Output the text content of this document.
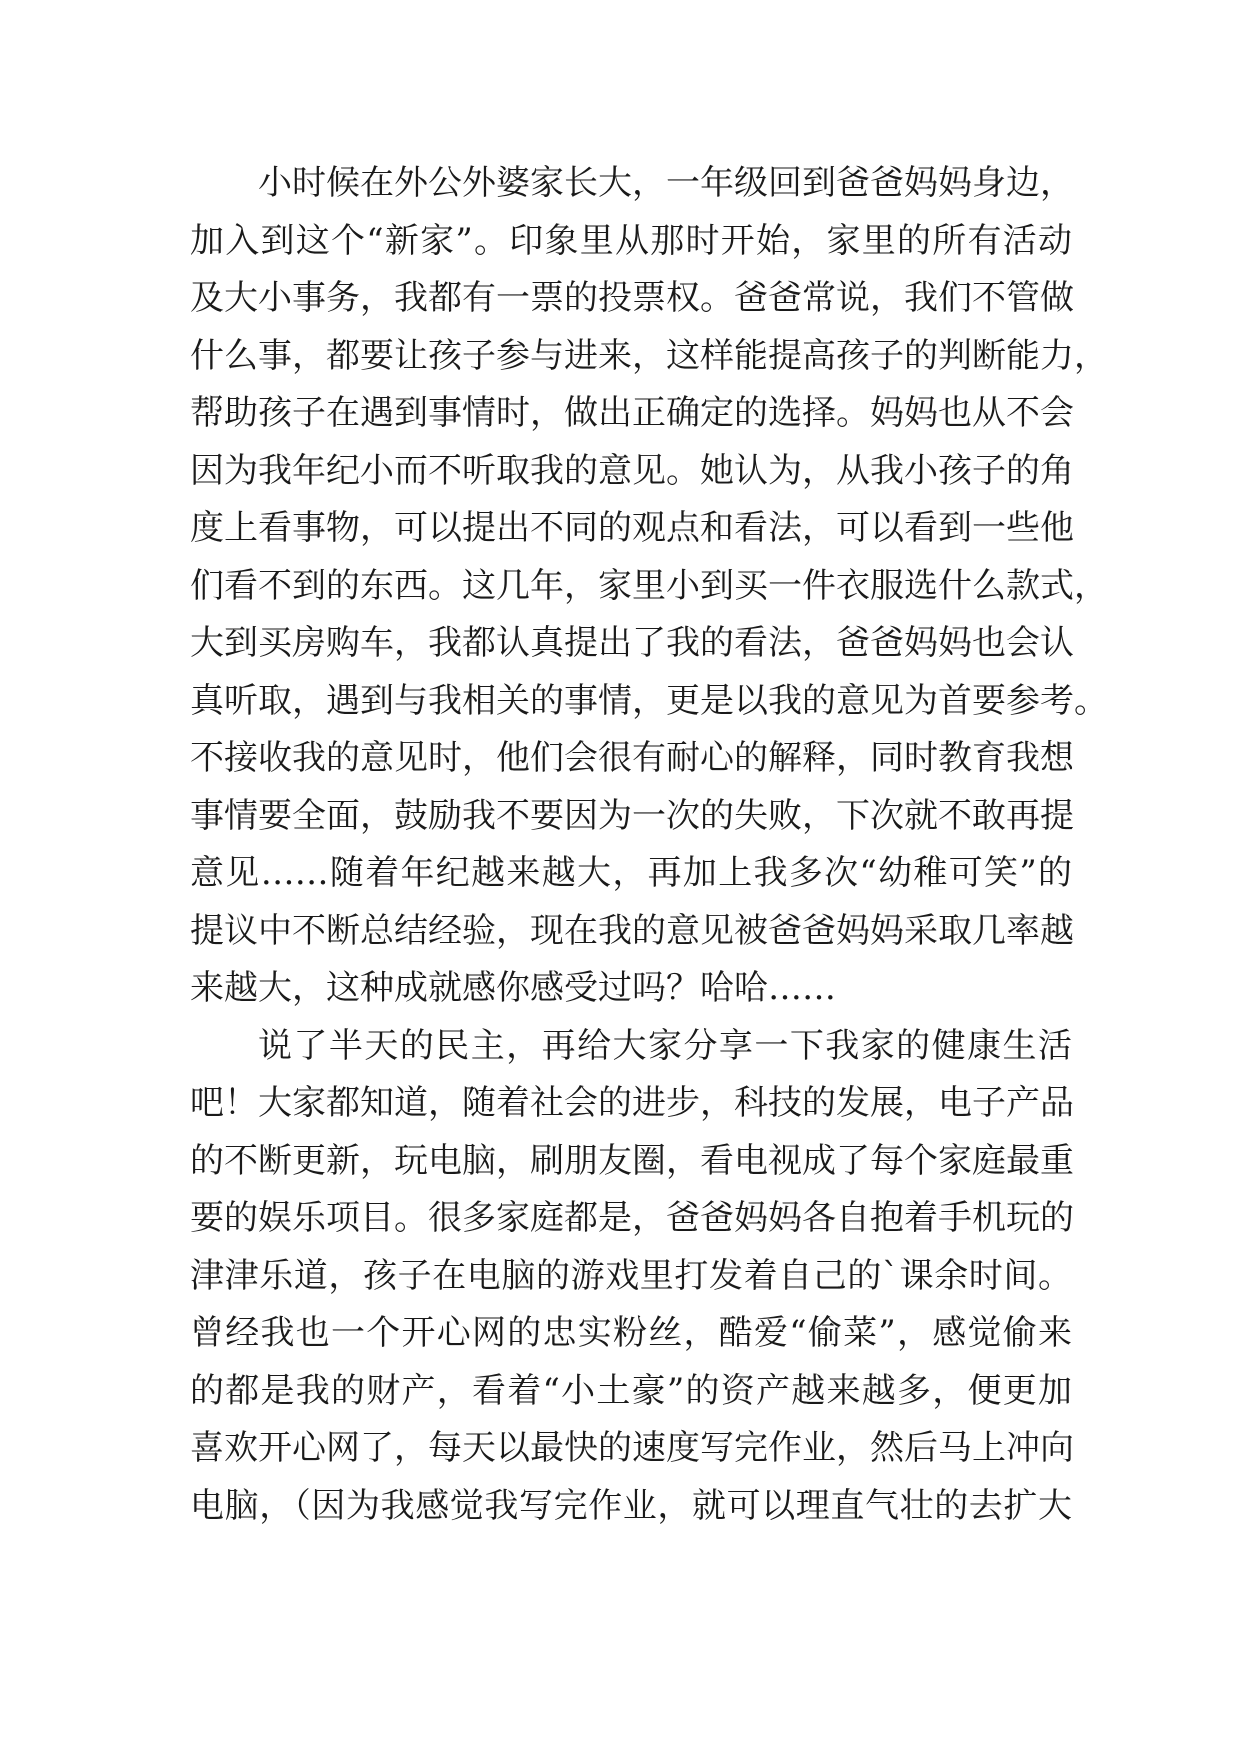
小时候在外公外婆家长大，一年级回到爸爸妈妈身边，
加入到这个“新家”。印象里从那时开始，家里的所有活动
及大小事务，我都有一票的投票权。爸爸常说，我们不管做
什么事，都要让孩子参与进来，这样能提高孩子的判断能力，
帮助孩子在遇到事情时，做出正确定的选择。妈妈也从不会
因为我年纪小而不听取我的意见。她认为，从我小孩子的角
度上看事物，可以提出不同的观点和看法，可以看到一些他
们看不到的东西。这几年，家里小到买一件衣服选什么款式，
大到买房购车，我都认真提出了我的看法，爸爸妈妈也会认
真听取，遇到与我相关的事情，更是以我的意见为首要参考。
不接收我的意见时，他们会很有耐心的解释，同时教育我想
事情要全面，鼓励我不要因为一次的失败，下次就不敢再提
意见……随着年纪越来越大，再加上我多次“幼稚可笑”的
提议中不断总结经验，现在我的意见被爸爸妈妈采取几率越
来越大，这种成就感你感受过吗？哈哈……
说了半天的民主，再给大家分享一下我家的健康生活
吧！大家都知道，随着社会的进步，科技的发展，电子产品
的不断更新，玩电脑，刷朋友圈，看电视成了每个家庭最重
要的娱乐项目。很多家庭都是，爸爸妈妈各自抱着手机玩的
津津乐道，孩子在电脑的游戏里打发着自己的`课余时间。
曾经我也一个开心网的忠实粉丝，酷爱“偷菜”，感觉偷来
的都是我的财产，看着“小土豪”的资产越来越多，便更加
喜欢开心网了，每天以最快的速度写完作业，然后马上冲向
电脑，（因为我感觉我写完作业，就可以理直气壮的去扩大
